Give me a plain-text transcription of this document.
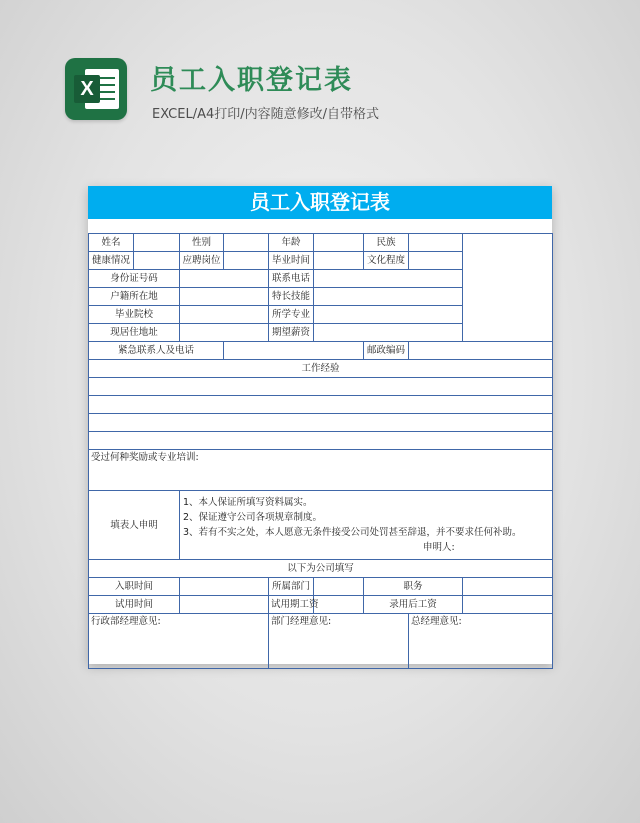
X 员工入职登记表
EXCEL/A4打印/内容随意修改/自带格式
员工入职登记表
姓名		性别		年龄		民族		
健康情况		应聘岗位		毕业时间		文化程度		
身份证号码				联系电话				
户籍所在地				特长技能				
毕业院校				所学专业				
现居住地址				期望薪资				
紧急联系人及电话						邮政编码		
工作经验								

受过何种奖励或专业培训:								
填表人申明		1、本人保证所填写资料属实。
2、保证遵守公司各项规章制度。
3、若有不实之处，本人愿意无条件接受公司处罚甚至辞退，并不要求任何补助。
申明人:						

以下为公司填写								
入职时间				所属部门		职务		
试用时间				试用期工资		录用后工资		
行政部经理意见:				部门经理意见:			总经理意见:	
